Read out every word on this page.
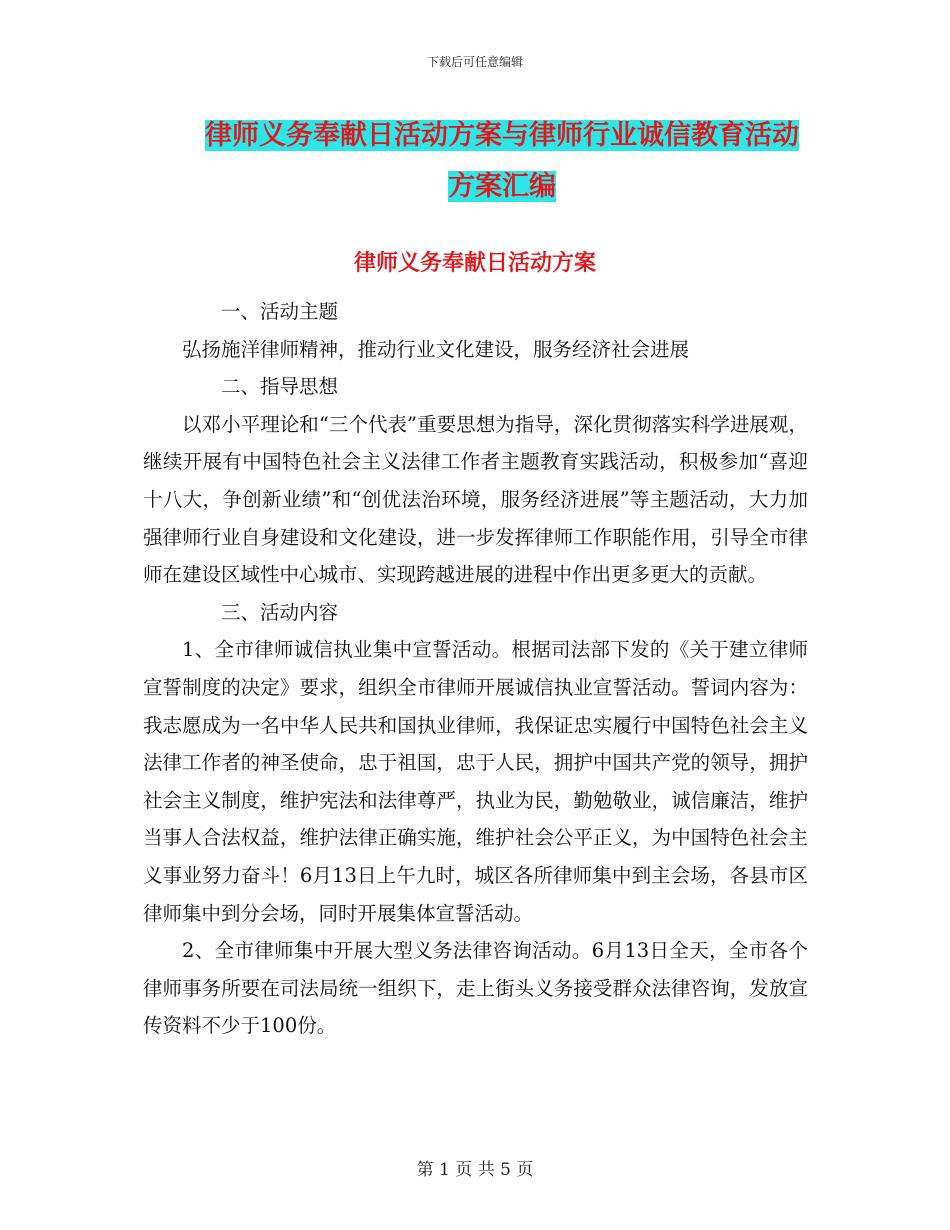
下载后可任意编辑
律师义务奉献日活动方案与律师行业诚信教育活动方案汇编
律师义务奉献日活动方案

一、活动主题

弘扬施洋律师精神，推动行业文化建设，服务经济社会进展

二、指导思想

以邓小平理论和“三个代表”重要思想为指导，深化贯彻落实科学进展观，继续开展有中国特色社会主义法律工作者主题教育实践活动，积极参加“喜迎十八大，争创新业绩”和“创优法治环境，服务经济进展”等主题活动，大力加强律师行业自身建设和文化建设，进一步发挥律师工作职能作用，引导全市律师在建设区域性中心城市、实现跨越进展的进程中作出更多更大的贡献。

三、活动内容

1、全市律师诚信执业集中宣誓活动。根据司法部下发的《关于建立律师宣誓制度的决定》要求，组织全市律师开展诚信执业宣誓活动。誓词内容为：我志愿成为一名中华人民共和国执业律师，我保证忠实履行中国特色社会主义法律工作者的神圣使命，忠于祖国，忠于人民，拥护中国共产党的领导，拥护社会主义制度，维护宪法和法律尊严，执业为民，勤勉敬业，诚信廉洁，维护当事人合法权益，维护法律正确实施，维护社会公平正义，为中国特色社会主义事业努力奋斗！6月13日上午九时，城区各所律师集中到主会场，各县市区律师集中到分会场，同时开展集体宣誓活动。

2、全市律师集中开展大型义务法律咨询活动。6月13日全天，全市各个律师事务所要在司法局统一组织下，走上街头义务接受群众法律咨询，发放宣传资料不少于100份。

第 1 页 共 5 页
